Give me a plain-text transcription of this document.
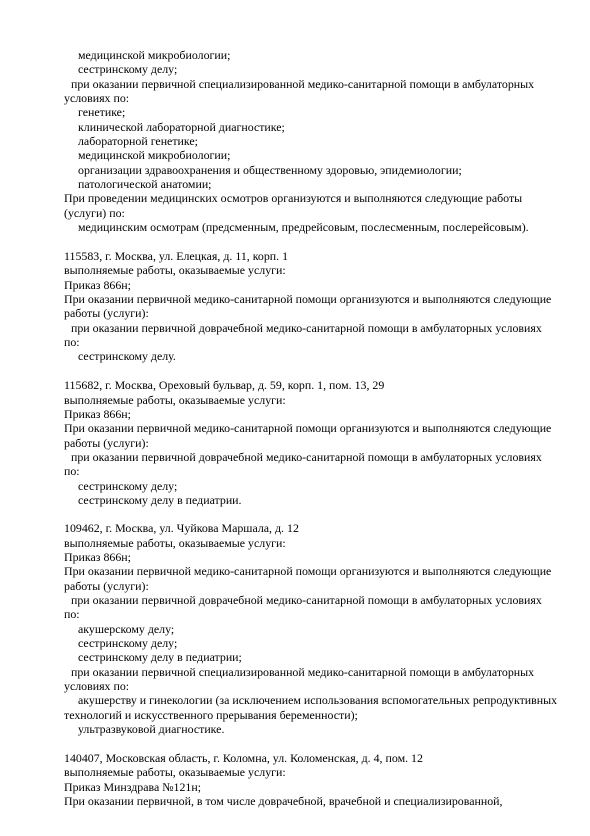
медицинской микробиологии;
сестринскому делу;
при оказании первичной специализированной медико-санитарной помощи в амбулаторных
условиях по:
генетике;
клинической лабораторной диагностике;
лабораторной генетике;
медицинской микробиологии;
организации здравоохранения и общественному здоровью, эпидемиологии;
патологической анатомии;
При проведении медицинских осмотров организуются и выполняются следующие работы
(услуги) по:
медицинским осмотрам (предсменным, предрейсовым, послесменным, послерейсовым).
115583, г. Москва, ул. Елецкая, д. 11, корп. 1
выполняемые работы, оказываемые услуги:
Приказ 866н;
При оказании первичной медико-санитарной помощи организуются и выполняются следующие
работы (услуги):
при оказании первичной доврачебной медико-санитарной помощи в амбулаторных условиях
по:
сестринскому делу.
115682, г. Москва, Ореховый бульвар, д. 59, корп. 1, пом. 13, 29
выполняемые работы, оказываемые услуги:
Приказ 866н;
При оказании первичной медико-санитарной помощи организуются и выполняются следующие
работы (услуги):
при оказании первичной доврачебной медико-санитарной помощи в амбулаторных условиях
по:
сестринскому делу;
сестринскому делу в педиатрии.
109462, г. Москва, ул. Чуйкова Маршала, д. 12
выполняемые работы, оказываемые услуги:
Приказ 866н;
При оказании первичной медико-санитарной помощи организуются и выполняются следующие
работы (услуги):
при оказании первичной доврачебной медико-санитарной помощи в амбулаторных условиях
по:
акушерскому делу;
сестринскому делу;
сестринскому делу в педиатрии;
при оказании первичной специализированной медико-санитарной помощи в амбулаторных
условиях по:
акушерству и гинекологии (за исключением использования вспомогательных репродуктивных
технологий и искусственного прерывания беременности);
ультразвуковой диагностике.
140407, Московская область, г. Коломна, ул. Коломенская, д. 4, пом. 12
выполняемые работы, оказываемые услуги:
Приказ Минздрава №121н;
При оказании первичной, в том числе доврачебной, врачебной и специализированной,
